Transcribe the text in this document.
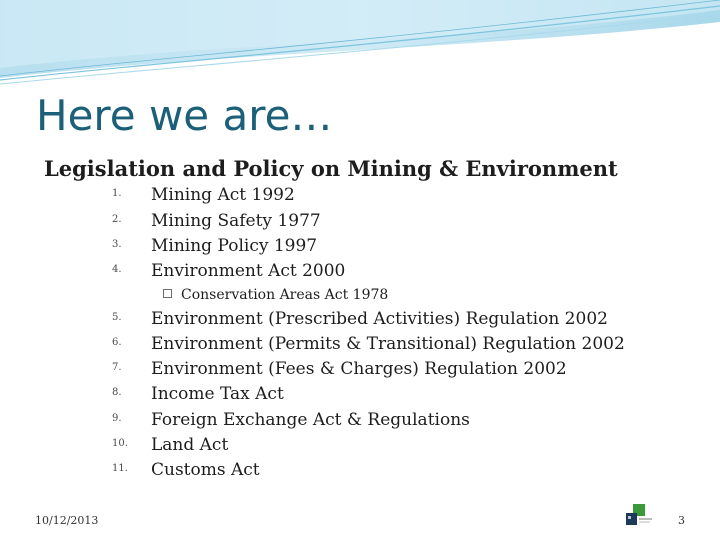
Here we are…
Legislation and Policy on Mining & Environment
1. Mining Act 1992
2. Mining Safety 1977
3. Mining Policy 1997
4. Environment Act 2000
5. Environment (Prescribed Activities) Regulation 2002
6. Environment (Permits & Transitional) Regulation 2002
7. Environment (Fees & Charges) Regulation 2002
8. Income Tax Act
9. Foreign Exchange Act & Regulations
10. Land Act
11. Customs Act
Conservation Areas Act 1978
10/12/2013	3
